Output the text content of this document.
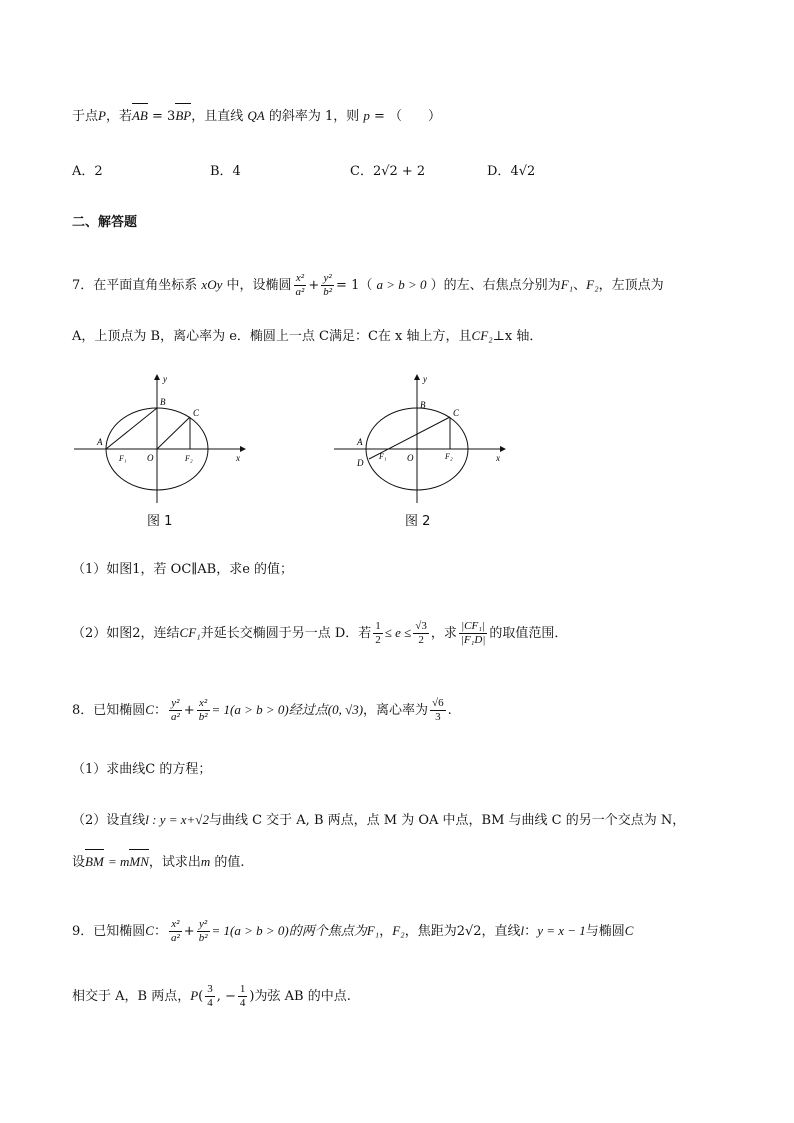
于点P，若AB = 3BP，且直线 QA 的斜率为 1，则 p = （　　）
A．2	B．4	C．2√2 + 2	D．4√2
二、解答题
7．在平面直角坐标系 xOy 中，设椭圆 $\frac{\text{x²}}{\text{a²}} + \frac{\text{y²}}{\text{b²}} = 1$（ a > b > 0 ）的左、右焦点分别为F₁、F₂，左顶点为
A，上顶点为 B，离心率为 e．椭圆上一点 C满足：C在 x 轴上方，且CF₂⊥x 轴．
y
x
A
B
C
O
F₁	F₂
图 1
y
x
A
D
B
C
O
F₁	F₂
图 2
（1）如图1，若 OC∥AB，求e 的值；
（2）如图2，连结CF₁并延长交椭圆于另一点 D．若 $\frac{1}{2} \le e \le \frac{√3}{2}$ ，求 $\frac{\text{|CF₁|}}{\text{|F₁D|}}$ 的取值范围．
8．已知椭圆C： $\frac{\text{y²}}{\text{a²}} + \frac{\text{x²}}{\text{b²}} = 1(a > b > 0)$经过点(0, √3)，离心率为 $\frac{√6}{3}$ .
（1）求曲线C 的方程；
（2）设直线l : y = x+√2与曲线 C 交于 A, B 两点，点 M 为 OA 中点，BM 与曲线 C 的另一个交点为 N，
设BM = mMN，试求出m 的值.
9．已知椭圆C： $\frac{\text{x²}}{\text{a²}} + \frac{\text{y²}}{\text{b²}} = 1(a > b > 0)$的两个焦点为F₁，F₂，焦距为2√2，直线l：y = x − 1与椭圆C
相交于 A，B 两点，$P( \frac{3}{4}$ , − $\frac{1}{4}$ )为弦 AB 的中点.
